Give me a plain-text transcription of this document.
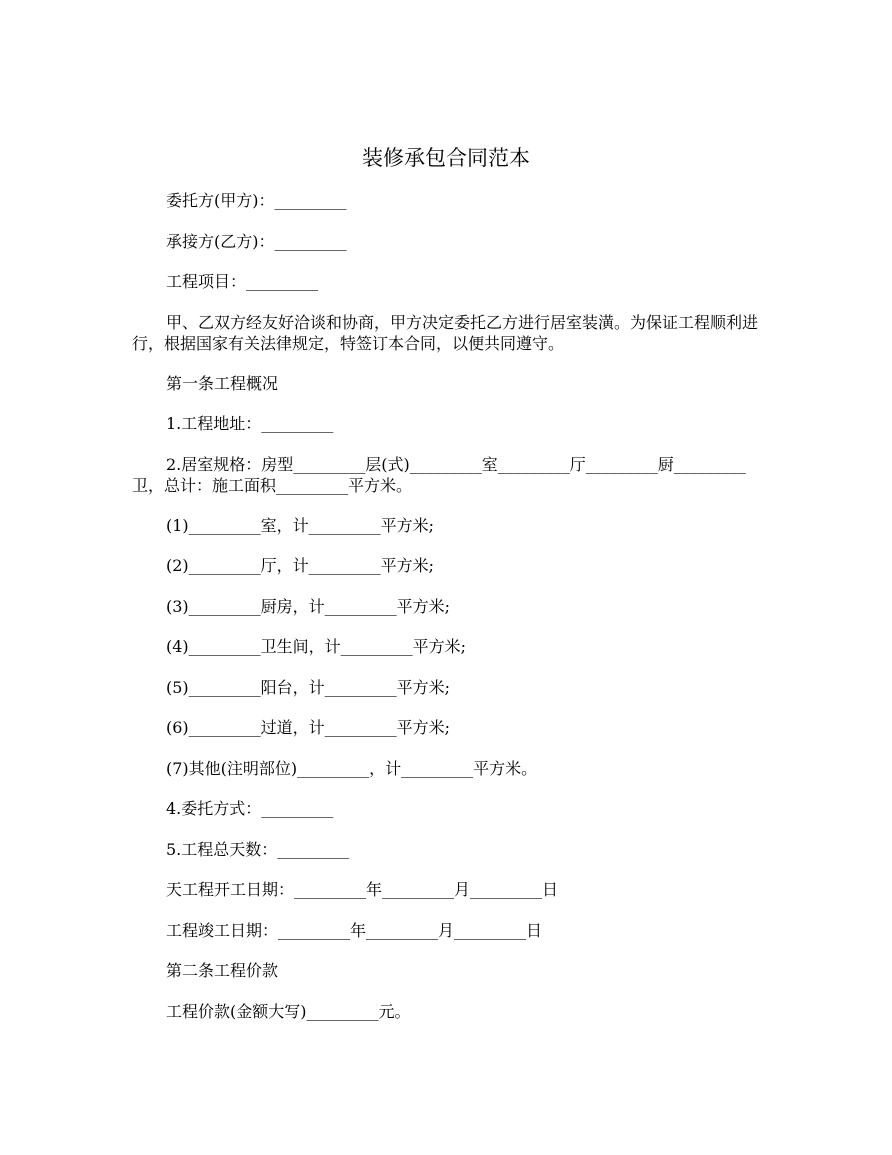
装修承包合同范本

委托方(甲方)：_________

承接方(乙方)：_________

工程项目：_________

甲、乙双方经友好洽谈和协商，甲方决定委托乙方进行居室装潢。为保证工程顺利进行，根据国家有关法律规定，特签订本合同，以便共同遵守。

第一条工程概况

1.工程地址：_________

2.居室规格：房型_________层(式)_________室_________厅_________厨_________卫，总计：施工面积_________平方米。

(1)_________室，计_________平方米;

(2)_________厅，计_________平方米;

(3)_________厨房，计_________平方米;

(4)_________卫生间，计_________平方米;

(5)_________阳台，计_________平方米;

(6)_________过道，计_________平方米;

(7)其他(注明部位)_________，计_________平方米。

4.委托方式：_________

5.工程总天数：_________

天工程开工日期：_________年_________月_________日

工程竣工日期：_________年_________月_________日

第二条工程价款

工程价款(金额大写)_________元。
